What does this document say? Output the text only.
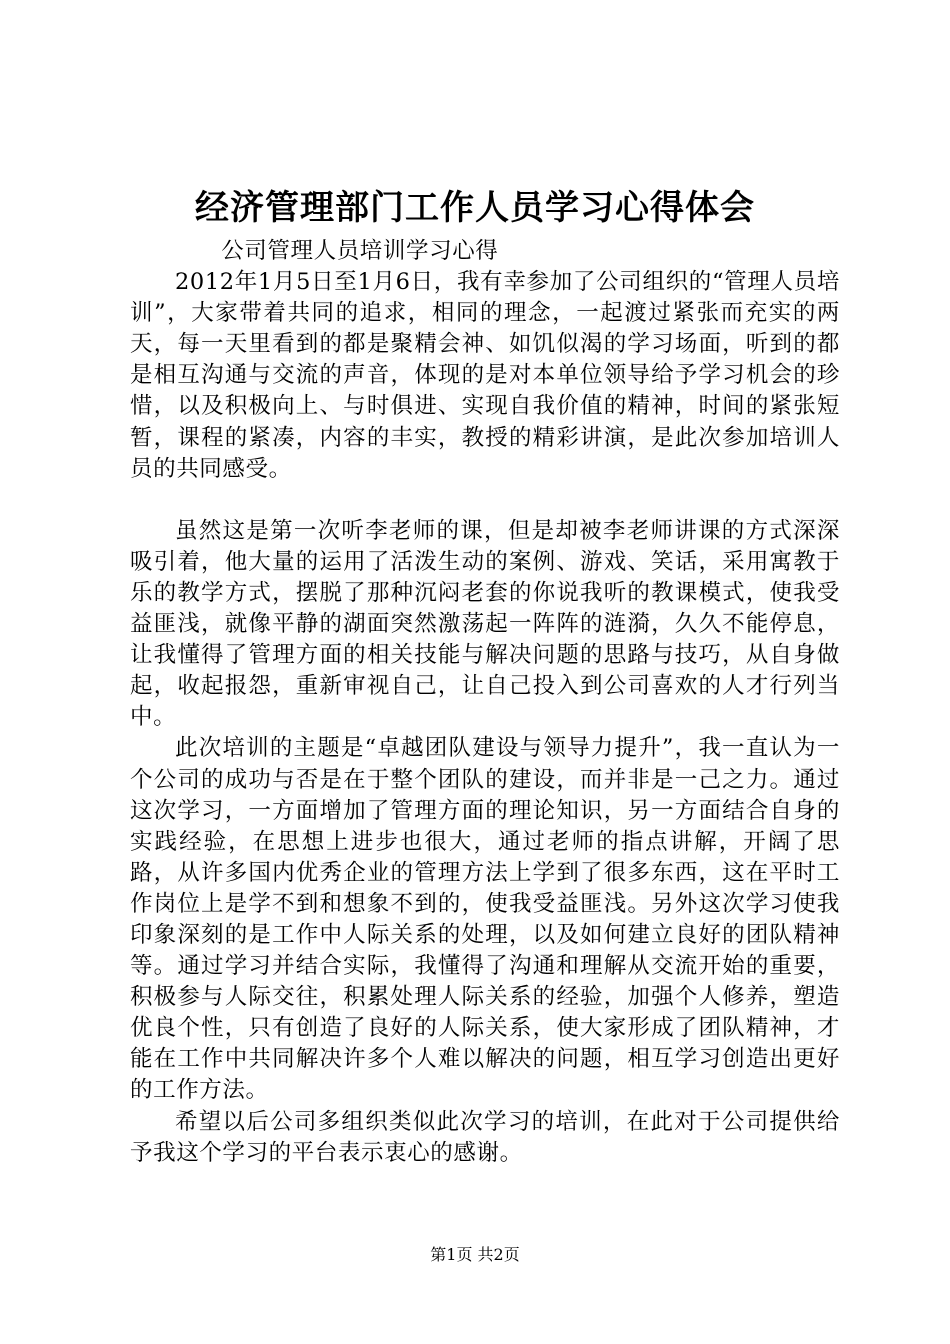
经济管理部门工作人员学习心得体会

  公司管理人员培训学习心得

2012年1月5日至1月6日，我有幸参加了公司组织的“管理人员培训”，大家带着共同的追求，相同的理念，一起渡过紧张而充实的两天，每一天里看到的都是聚精会神、如饥似渴的学习场面，听到的都是相互沟通与交流的声音，体现的是对本单位领导给予学习机会的珍惜，以及积极向上、与时俱进、实现自我价值的精神，时间的紧张短暂，课程的紧凑，内容的丰实，教授的精彩讲演，是此次参加培训人员的共同感受。

虽然这是第一次听李老师的课，但是却被李老师讲课的方式深深吸引着，他大量的运用了活泼生动的案例、游戏、笑话，采用寓教于乐的教学方式，摆脱了那种沉闷老套的你说我听的教课模式，使我受益匪浅，就像平静的湖面突然激荡起一阵阵的涟漪，久久不能停息，让我懂得了管理方面的相关技能与解决问题的思路与技巧，从自身做起，收起报怨，重新审视自己，让自己投入到公司喜欢的人才行列当中。

此次培训的主题是“卓越团队建设与领导力提升”，我一直认为一个公司的成功与否是在于整个团队的建设，而并非是一己之力。通过这次学习，一方面增加了管理方面的理论知识，另一方面结合自身的实践经验，在思想上进步也很大，通过老师的指点讲解，开阔了思路，从许多国内优秀企业的管理方法上学到了很多东西，这在平时工作岗位上是学不到和想象不到的，使我受益匪浅。另外这次学习使我印象深刻的是工作中人际关系的处理，以及如何建立良好的团队精神等。通过学习并结合实际，我懂得了沟通和理解从交流开始的重要，积极参与人际交往，积累处理人际关系的经验，加强个人修养，塑造优良个性，只有创造了良好的人际关系，使大家形成了团队精神，才能在工作中共同解决许多个人难以解决的问题，相互学习创造出更好的工作方法。

希望以后公司多组织类似此次学习的培训，在此对于公司提供给予我这个学习的平台表示衷心的感谢。

第1页 共2页
